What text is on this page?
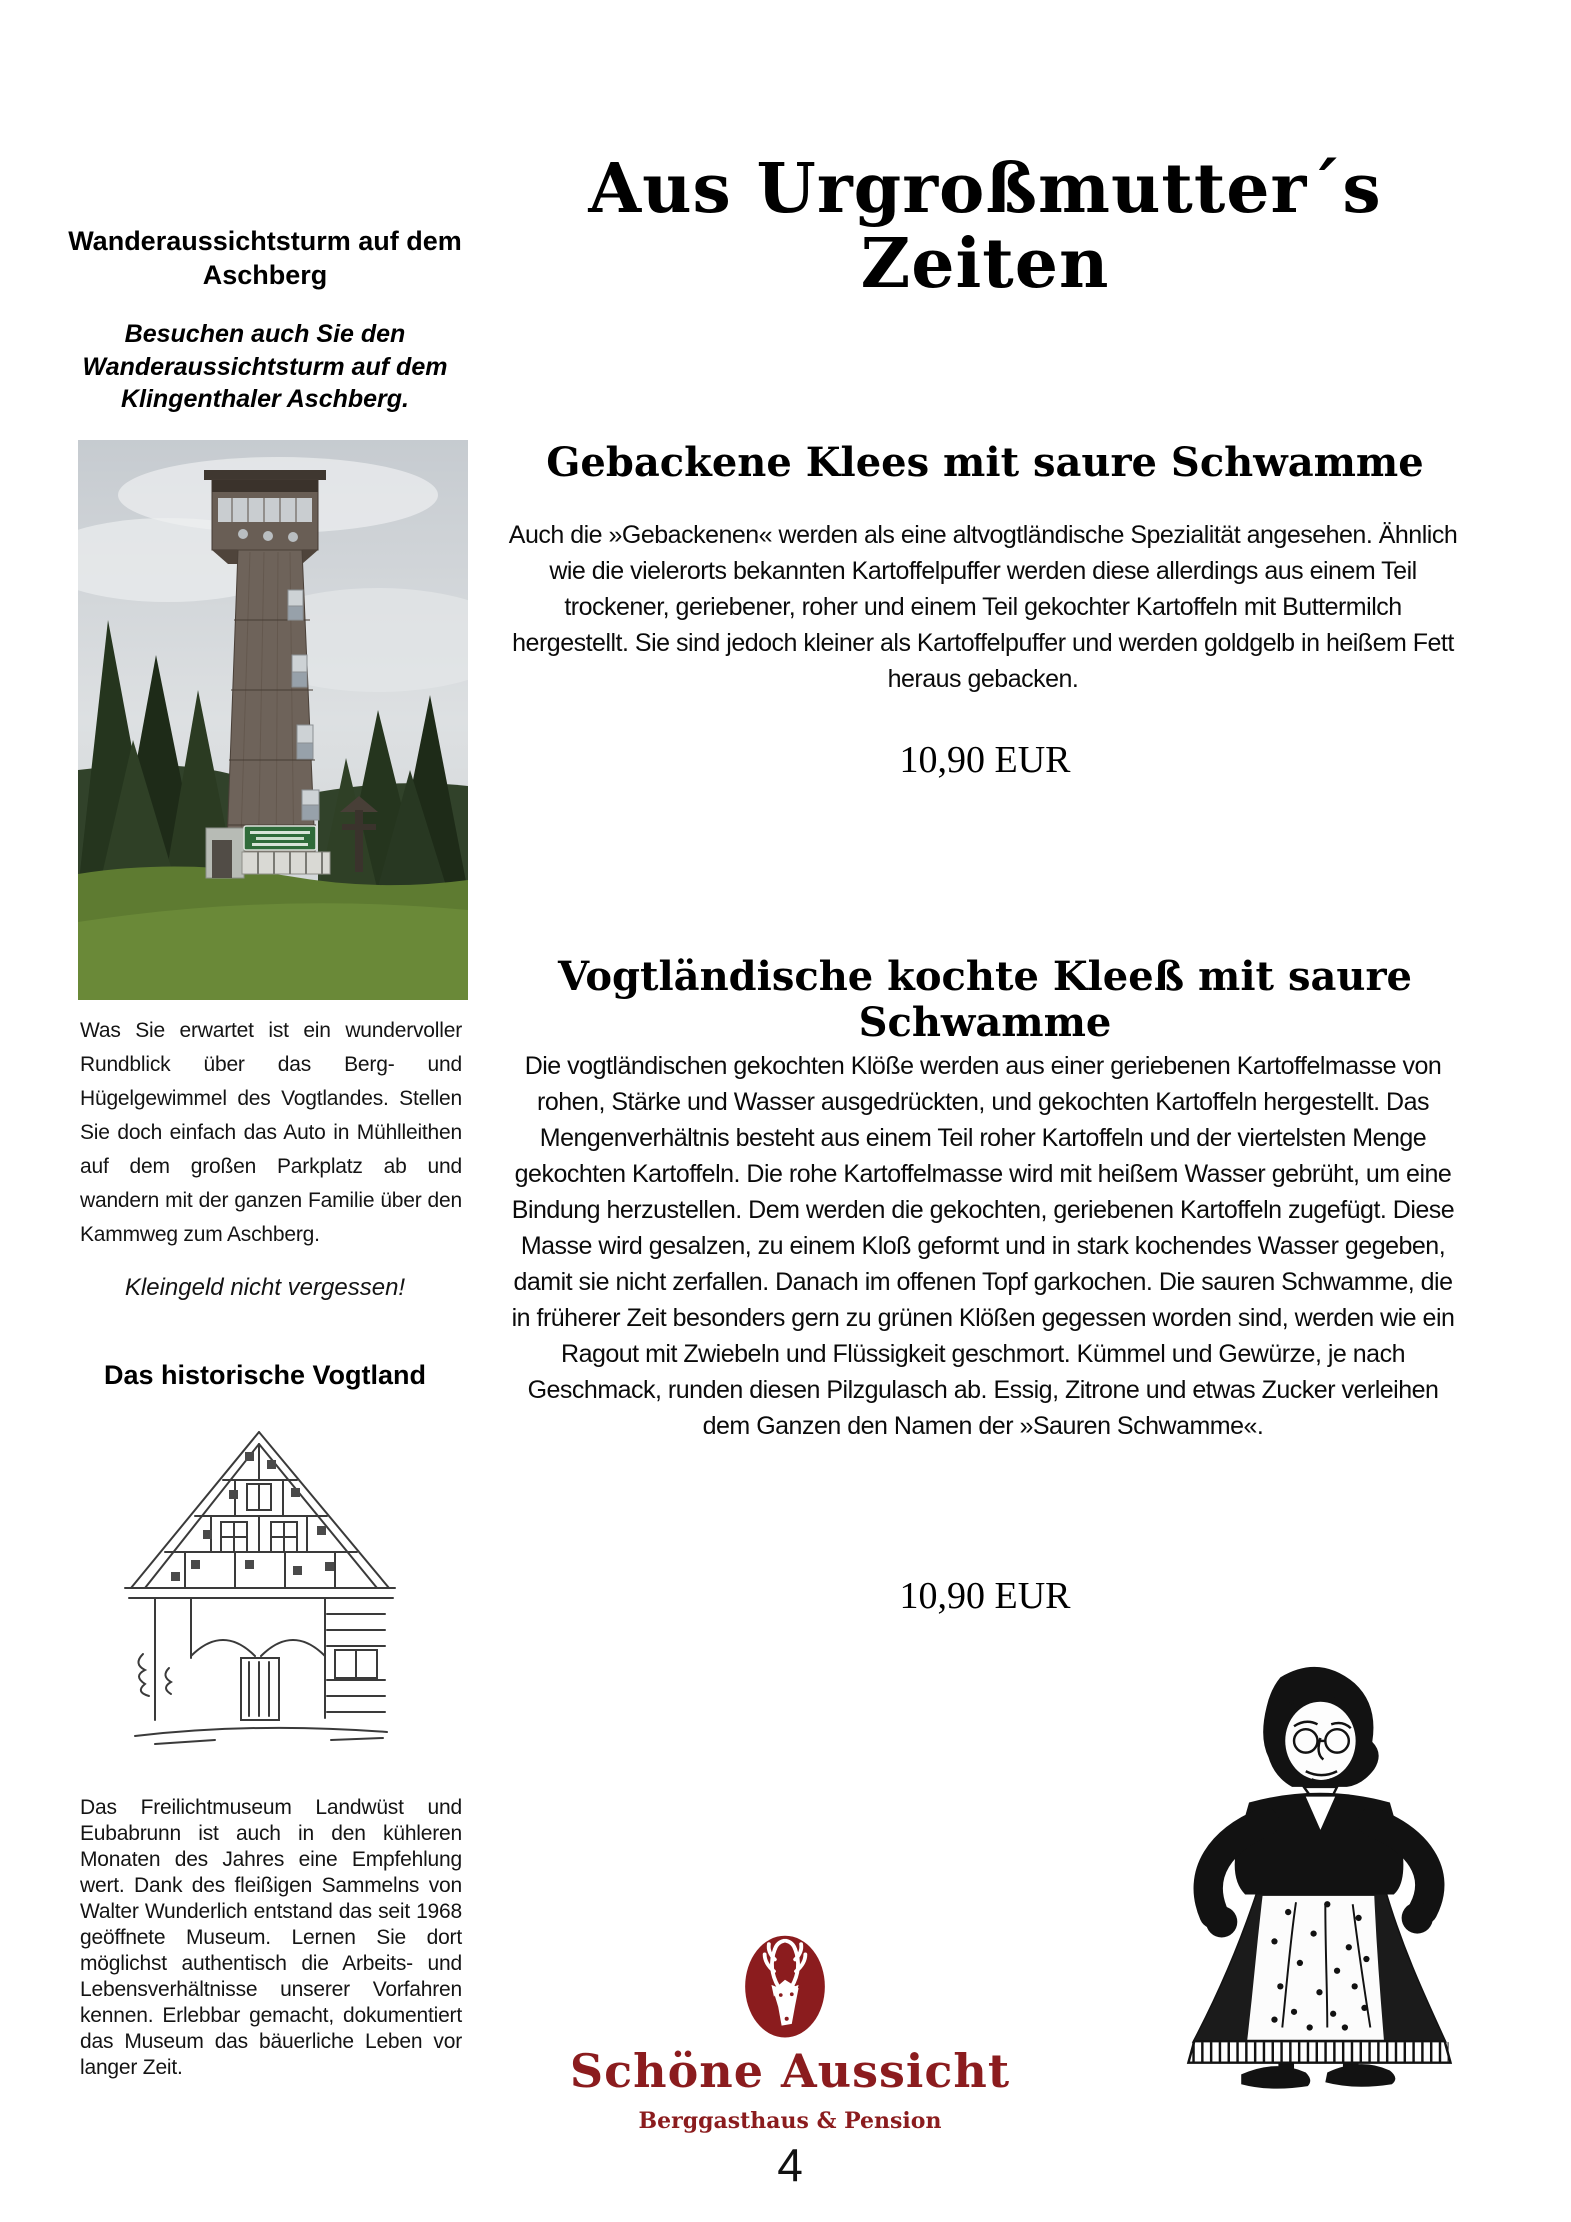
Aus Urgroßmutter´s Zeiten
Wanderaussichtsturm auf dem Aschberg
Besuchen auch Sie den Wanderaussichtsturm auf dem Klingenthaler Aschberg.
Was Sie erwartet ist ein wundervoller Rundblick über das Berg- und Hügelgewimmel des Vogtlandes. Stellen Sie doch einfach das Auto in Mühlleithen auf dem großen Parkplatz ab und wandern mit der ganzen Familie über den Kammweg zum Aschberg.
Kleingeld nicht vergessen!
Das historische Vogtland
Das Freilichtmuseum Landwüst und Eubabrunn ist auch in den kühleren Monaten des Jahres eine Empfehlung wert. Dank des fleißigen Sammelns von Walter Wunderlich entstand das seit 1968 geöffnete Museum. Lernen Sie dort möglichst authentisch die Arbeits- und Lebensverhältnisse unserer Vorfahren kennen. Erlebbar gemacht, dokumentiert das Museum das bäuerliche Leben vor langer Zeit.
Gebackene Klees mit saure Schwamme
Auch die »Gebackenen« werden als eine altvogtländische Spezialität angesehen. Ähnlich wie die vielerorts bekannten Kartoffelpuffer werden diese allerdings aus einem Teil trockener, geriebener, roher und einem Teil gekochter Kartoffeln mit Buttermilch hergestellt. Sie sind jedoch kleiner als Kartoffelpuffer und werden goldgelb in heißem Fett heraus gebacken.
10,90 EUR
Vogtländische kochte Kleeß mit saure Schwamme
Die vogtländischen gekochten Klöße werden aus einer geriebenen Kartoffelmasse von rohen, Stärke und Wasser ausgedrückten, und gekochten Kartoffeln hergestellt. Das Mengenverhältnis besteht aus einem Teil roher Kartoffeln und der viertelsten Menge gekochten Kartoffeln. Die rohe Kartoffelmasse wird mit heißem Wasser gebrüht, um eine Bindung herzustellen. Dem werden die gekochten, geriebenen Kartoffeln zugefügt. Diese Masse wird gesalzen, zu einem Kloß geformt und in stark kochendes Wasser gegeben, damit sie nicht zerfallen. Danach im offenen Topf garkochen. Die sauren Schwamme, die in früherer Zeit besonders gern zu grünen Klößen gegessen worden sind, werden wie ein Ragout mit Zwiebeln und Flüssigkeit geschmort. Kümmel und Gewürze, je nach Geschmack, runden diesen Pilzgulasch ab. Essig, Zitrone und etwas Zucker verleihen dem Ganzen den Namen der »Sauren Schwamme«.
10,90 EUR
Schöne Aussicht
Berggasthaus & Pension
4
